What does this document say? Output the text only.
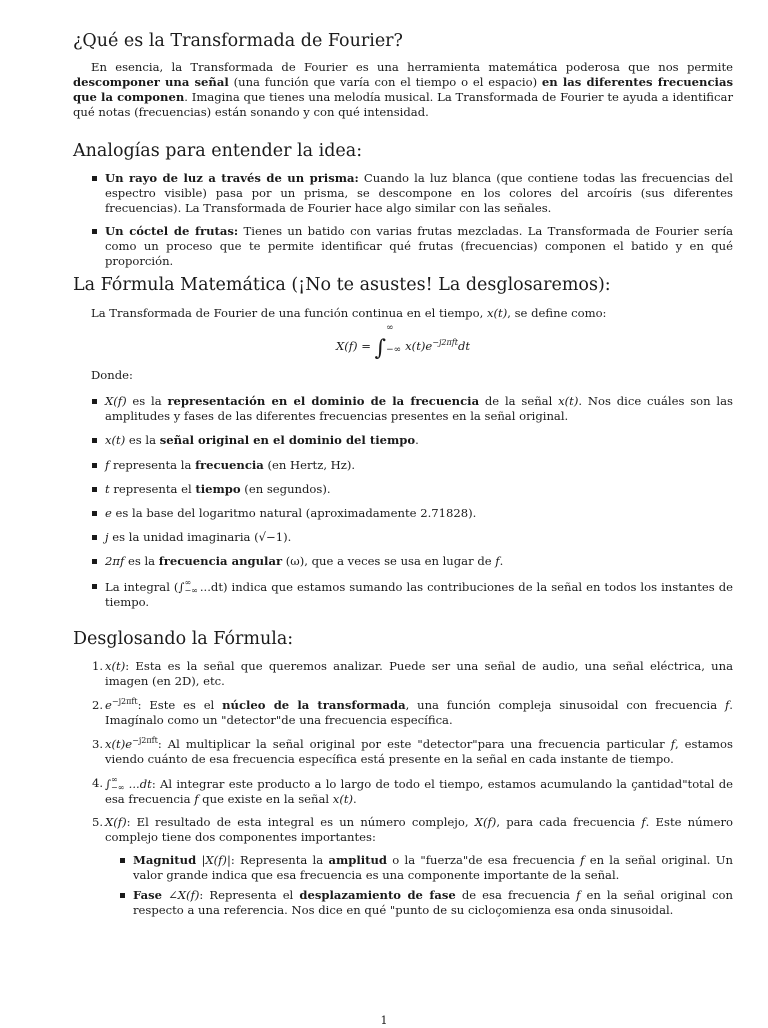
¿Qué es la Transformada de Fourier?

En esencia, la Transformada de Fourier es una herramienta matemática poderosa que nos permite descomponer una señal (una función que varía con el tiempo o el espacio) en las diferentes frecuencias que la componen. Imagina que tienes una melodía musical. La Transformada de Fourier te ayuda a identificar qué notas (frecuencias) están sonando y con qué intensidad.

Analogías para entender la idea:
Un rayo de luz a través de un prisma: Cuando la luz blanca (que contiene todas las frecuencias del espectro visible) pasa por un prisma, se descompone en los colores del arcoíris (sus diferentes frecuencias). La Transformada de Fourier hace algo similar con las señales.
Un cóctel de frutas: Tienes un batido con varias frutas mezcladas. La Transformada de Fourier sería como un proceso que te permite identificar qué frutas (frecuencias) componen el batido y en qué proporción.
La Fórmula Matemática (¡No te asustes! La desglosaremos):

La Transformada de Fourier de una función continua en el tiempo, x(t), se define como:

X(f) = ∫
∞
−∞ $x(t)e^{-j2\pi ft}dt$

Donde:

X(f) es la representación en el dominio de la frecuencia de la señal x(t). Nos dice cuáles son las amplitudes y fases de las diferentes frecuencias presentes en la señal original.
x(t) es la señal original en el dominio del tiempo.
f representa la frecuencia (en Hertz, Hz).
t representa el tiempo (en segundos).
e es la base del logaritmo natural (aproximadamente 2.71828).
j es la unidad imaginaria (√−1).
2πf es la frecuencia angular (ω), que a veces se usa en lugar de f.
La integral (∫ ∞
−∞ ...dt) indica que estamos sumando las contribuciones de la señal en todos los instantes de tiempo.
Desglosando la Fórmula:
1. x(t): Esta es la señal que queremos analizar. Puede ser una señal de audio, una señal eléctrica, una imagen (en 2D), etc.
2. $e^{-j2\pi ft}$: Este es el núcleo de la transformada, una función compleja sinusoidal con frecuencia f. Imagínalo como un "detector"de una frecuencia específica.
3. $x(t)e^{-j2\pi ft}$: Al multiplicar la señal original por este "detector"para una frecuencia particular f, estamos viendo cuánto de esa frecuencia específica está presente en la señal en cada instante de tiempo.
4. ∫ ∞
−∞ ...dt: Al integrar este producto a lo largo de todo el tiempo, estamos acumulando la çantidad"total de esa frecuencia f que existe en la señal x(t).
5. X(f): El resultado de esta integral es un número complejo, X(f), para cada frecuencia f. Este número complejo tiene dos componentes importantes:
Magnitud |X(f)|: Representa la amplitud o la "fuerza"de esa frecuencia f en la señal original. Un valor grande indica que esa frecuencia es una componente importante de la señal.
Fase ∠X(f): Representa el desplazamiento de fase de esa frecuencia f en la señal original con respecto a una referencia. Nos dice en qué "punto de su cicloçomienza esa onda sinusoidal.
1
